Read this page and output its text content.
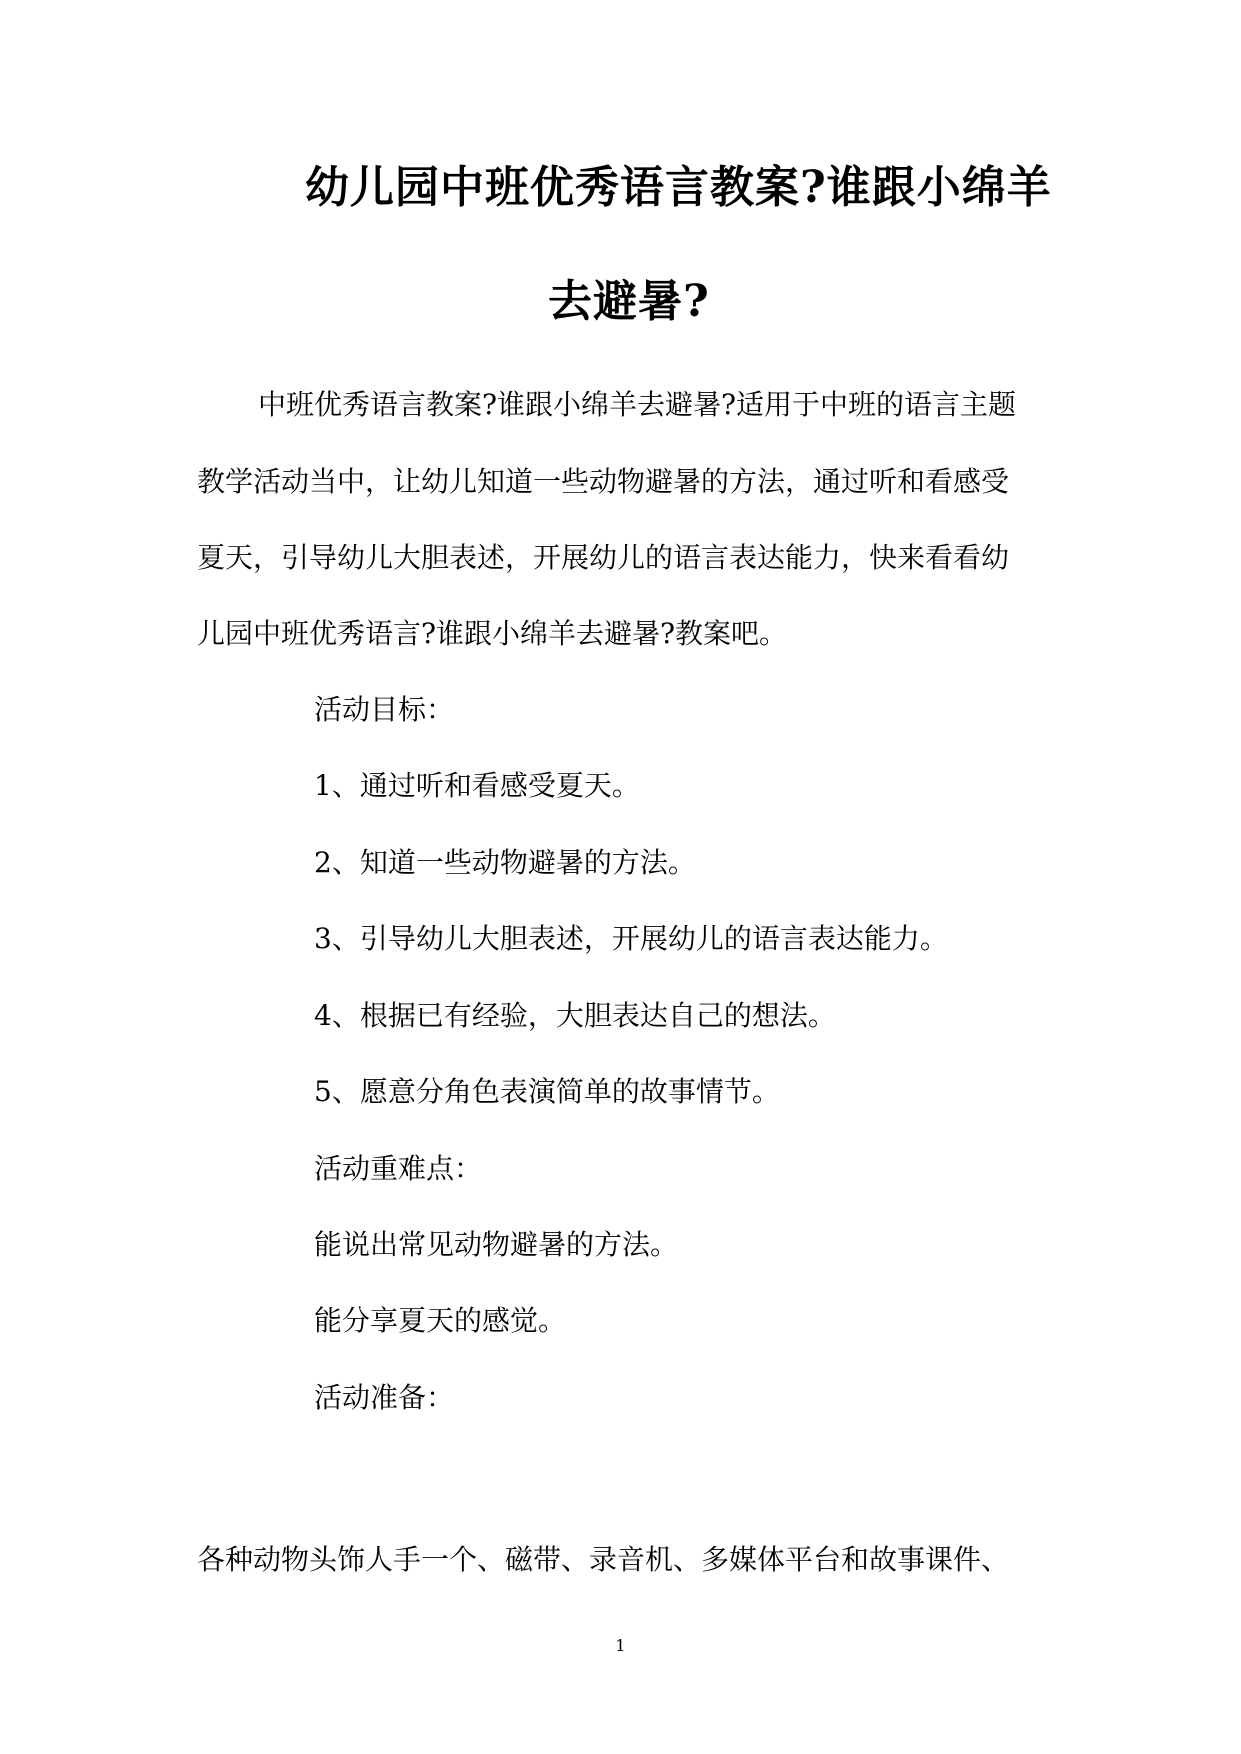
幼儿园中班优秀语言教案?谁跟小绵羊
去避暑?
中班优秀语言教案?谁跟小绵羊去避暑?适用于中班的语言主题
教学活动当中，让幼儿知道一些动物避暑的方法，通过听和看感受
夏天，引导幼儿大胆表述，开展幼儿的语言表达能力，快来看看幼
儿园中班优秀语言?谁跟小绵羊去避暑?教案吧。
活动目标：
1、通过听和看感受夏天。
2、知道一些动物避暑的方法。
3、引导幼儿大胆表述，开展幼儿的语言表达能力。
4、根据已有经验，大胆表达自己的想法。
5、愿意分角色表演简单的故事情节。
活动重难点：
能说出常见动物避暑的方法。
能分享夏天的感觉。
活动准备：
各种动物头饰人手一个、磁带、录音机、多媒体平台和故事课件、
1
